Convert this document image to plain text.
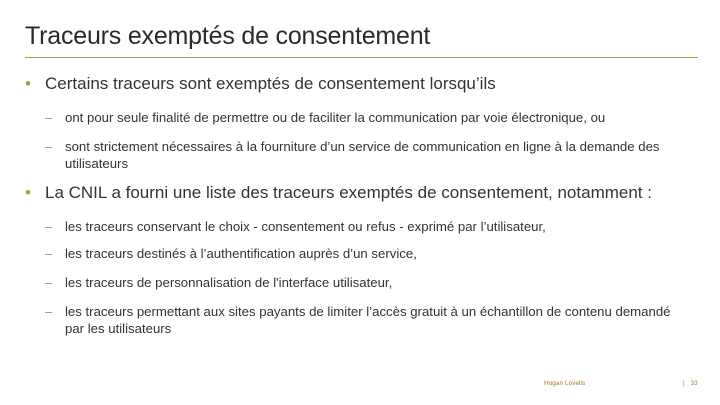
Traceurs exemptés de consentement
• Certains traceurs sont exemptés de consentement lorsqu’ils
– ont pour seule finalité de permettre ou de faciliter la communication par voie électronique, ou
– sont strictement nécessaires à la fourniture d’un service de communication en ligne à la demande des utilisateurs
• La CNIL a fourni une liste des traceurs exemptés de consentement, notamment :
– les traceurs conservant le choix - consentement ou refus - exprimé par l’utilisateur,
– les traceurs destinés à l’authentification auprès d’un service,
– les traceurs de personnalisation de l'interface utilisateur,
– les traceurs permettant aux sites payants de limiter l’accès gratuit à un échantillon de contenu demandé par les utilisateurs
Hogan Lovells	| 33
